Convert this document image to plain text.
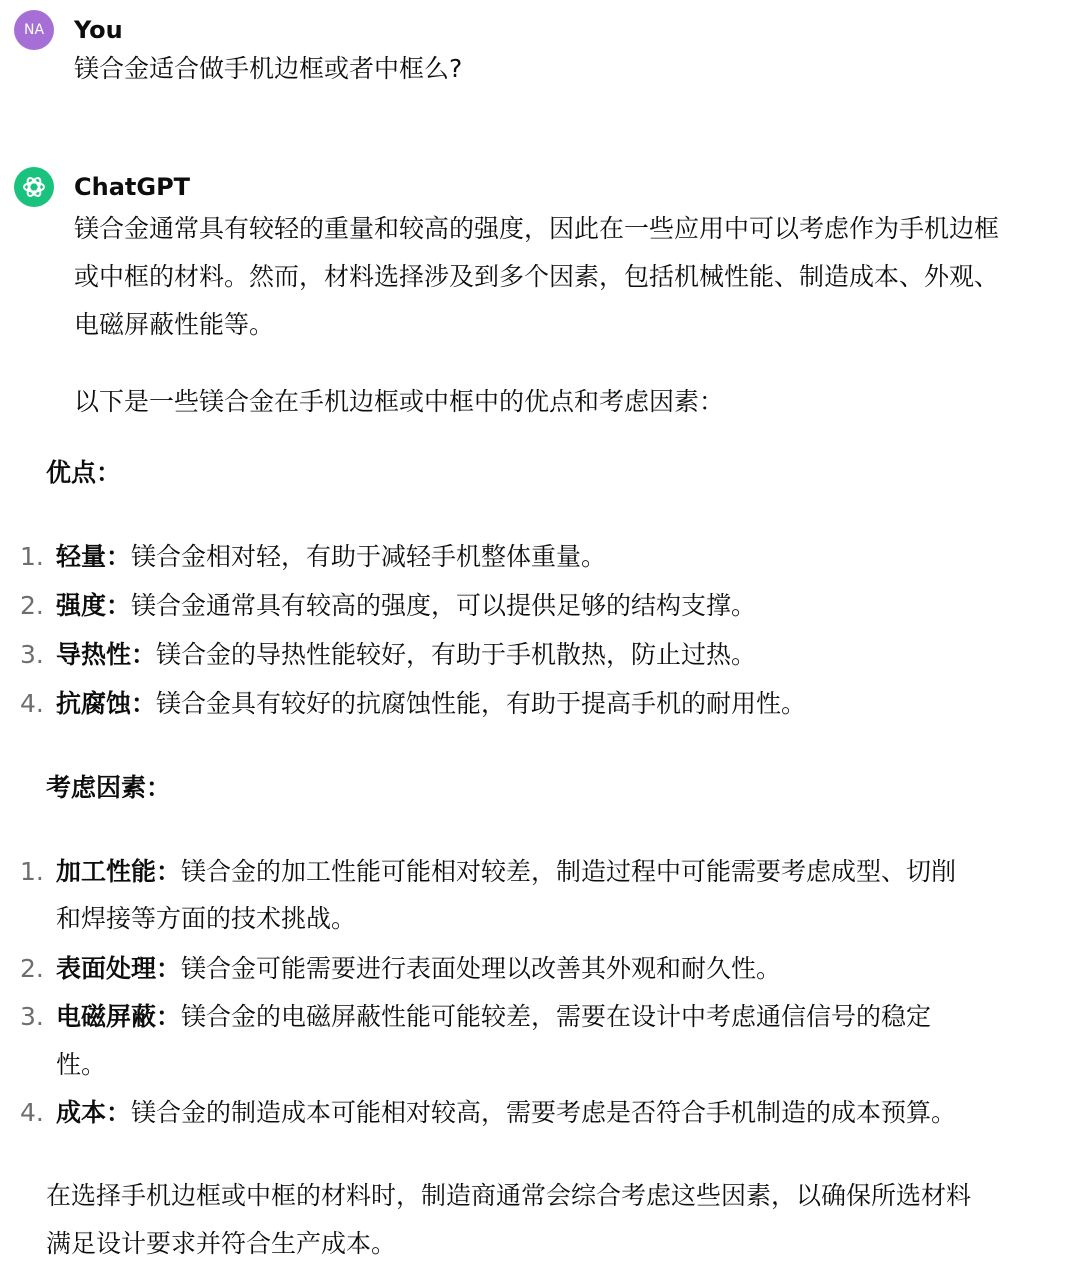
NA You
镁合金适合做手机边框或者中框么?
ChatGPT
镁合金通常具有较轻的重量和较高的强度，因此在一些应用中可以考虑作为手机边框
或中框的材料。然而，材料选择涉及到多个因素，包括机械性能、制造成本、外观、
电磁屏蔽性能等。
以下是一些镁合金在手机边框或中框中的优点和考虑因素：
优点：
1. 轻量：镁合金相对轻，有助于减轻手机整体重量。
2. 强度：镁合金通常具有较高的强度，可以提供足够的结构支撑。
3. 导热性：镁合金的导热性能较好，有助于手机散热，防止过热。
4. 抗腐蚀：镁合金具有较好的抗腐蚀性能，有助于提高手机的耐用性。
考虑因素：
1. 加工性能：镁合金的加工性能可能相对较差，制造过程中可能需要考虑成型、切削
和焊接等方面的技术挑战。
2. 表面处理：镁合金可能需要进行表面处理以改善其外观和耐久性。
3. 电磁屏蔽：镁合金的电磁屏蔽性能可能较差，需要在设计中考虑通信信号的稳定
性。
4. 成本：镁合金的制造成本可能相对较高，需要考虑是否符合手机制造的成本预算。
在选择手机边框或中框的材料时，制造商通常会综合考虑这些因素，以确保所选材料
满足设计要求并符合生产成本。
